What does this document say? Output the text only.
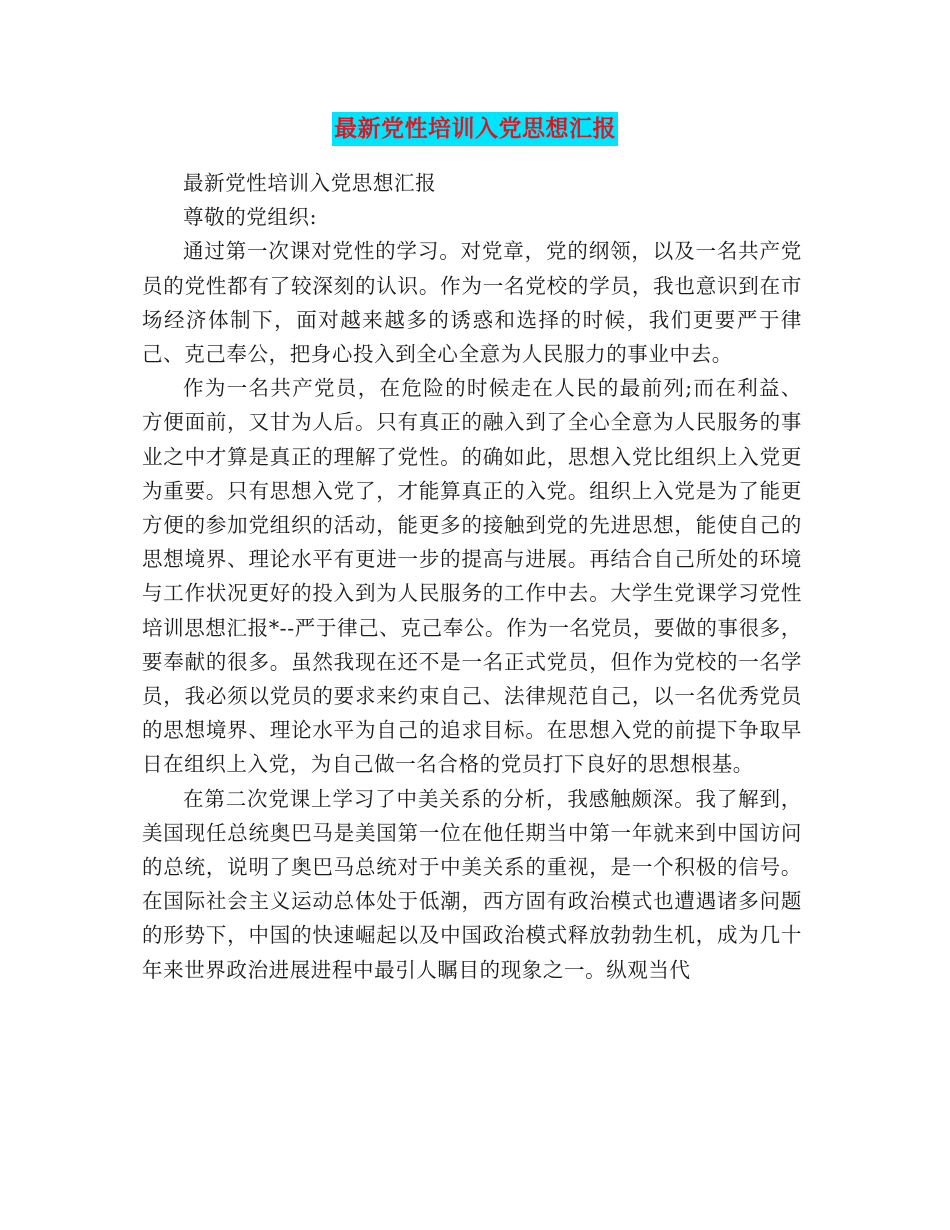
最新党性培训入党思想汇报

最新党性培训入党思想汇报

尊敬的党组织:

通过第一次课对党性的学习。对党章，党的纲领，以及一名共产党员的党性都有了较深刻的认识。作为一名党校的学员，我也意识到在市场经济体制下，面对越来越多的诱惑和选择的时候，我们更要严于律己、克己奉公，把身心投入到全心全意为人民服力的事业中去。

作为一名共产党员，在危险的时候走在人民的最前列;而在利益、方便面前，又甘为人后。只有真正的融入到了全心全意为人民服务的事业之中才算是真正的理解了党性。的确如此，思想入党比组织上入党更为重要。只有思想入党了，才能算真正的入党。组织上入党是为了能更方便的参加党组织的活动，能更多的接触到党的先进思想，能使自己的思想境界、理论水平有更进一步的提高与进展。再结合自己所处的环境与工作状况更好的投入到为人民服务的工作中去。大学生党课学习党性培训思想汇报*--严于律己、克己奉公。作为一名党员，要做的事很多，要奉献的很多。虽然我现在还不是一名正式党员，但作为党校的一名学员，我必须以党员的要求来约束自己、法律规范自己，以一名优秀党员的思想境界、理论水平为自己的追求目标。在思想入党的前提下争取早日在组织上入党，为自己做一名合格的党员打下良好的思想根基。

在第二次党课上学习了中美关系的分析，我感触颇深。我了解到，美国现任总统奥巴马是美国第一位在他任期当中第一年就来到中国访问的总统，说明了奥巴马总统对于中美关系的重视，是一个积极的信号。在国际社会主义运动总体处于低潮，西方固有政治模式也遭遇诸多问题的形势下，中国的快速崛起以及中国政治模式释放勃勃生机，成为几十年来世界政治进展进程中最引人瞩目的现象之一。纵观当代
